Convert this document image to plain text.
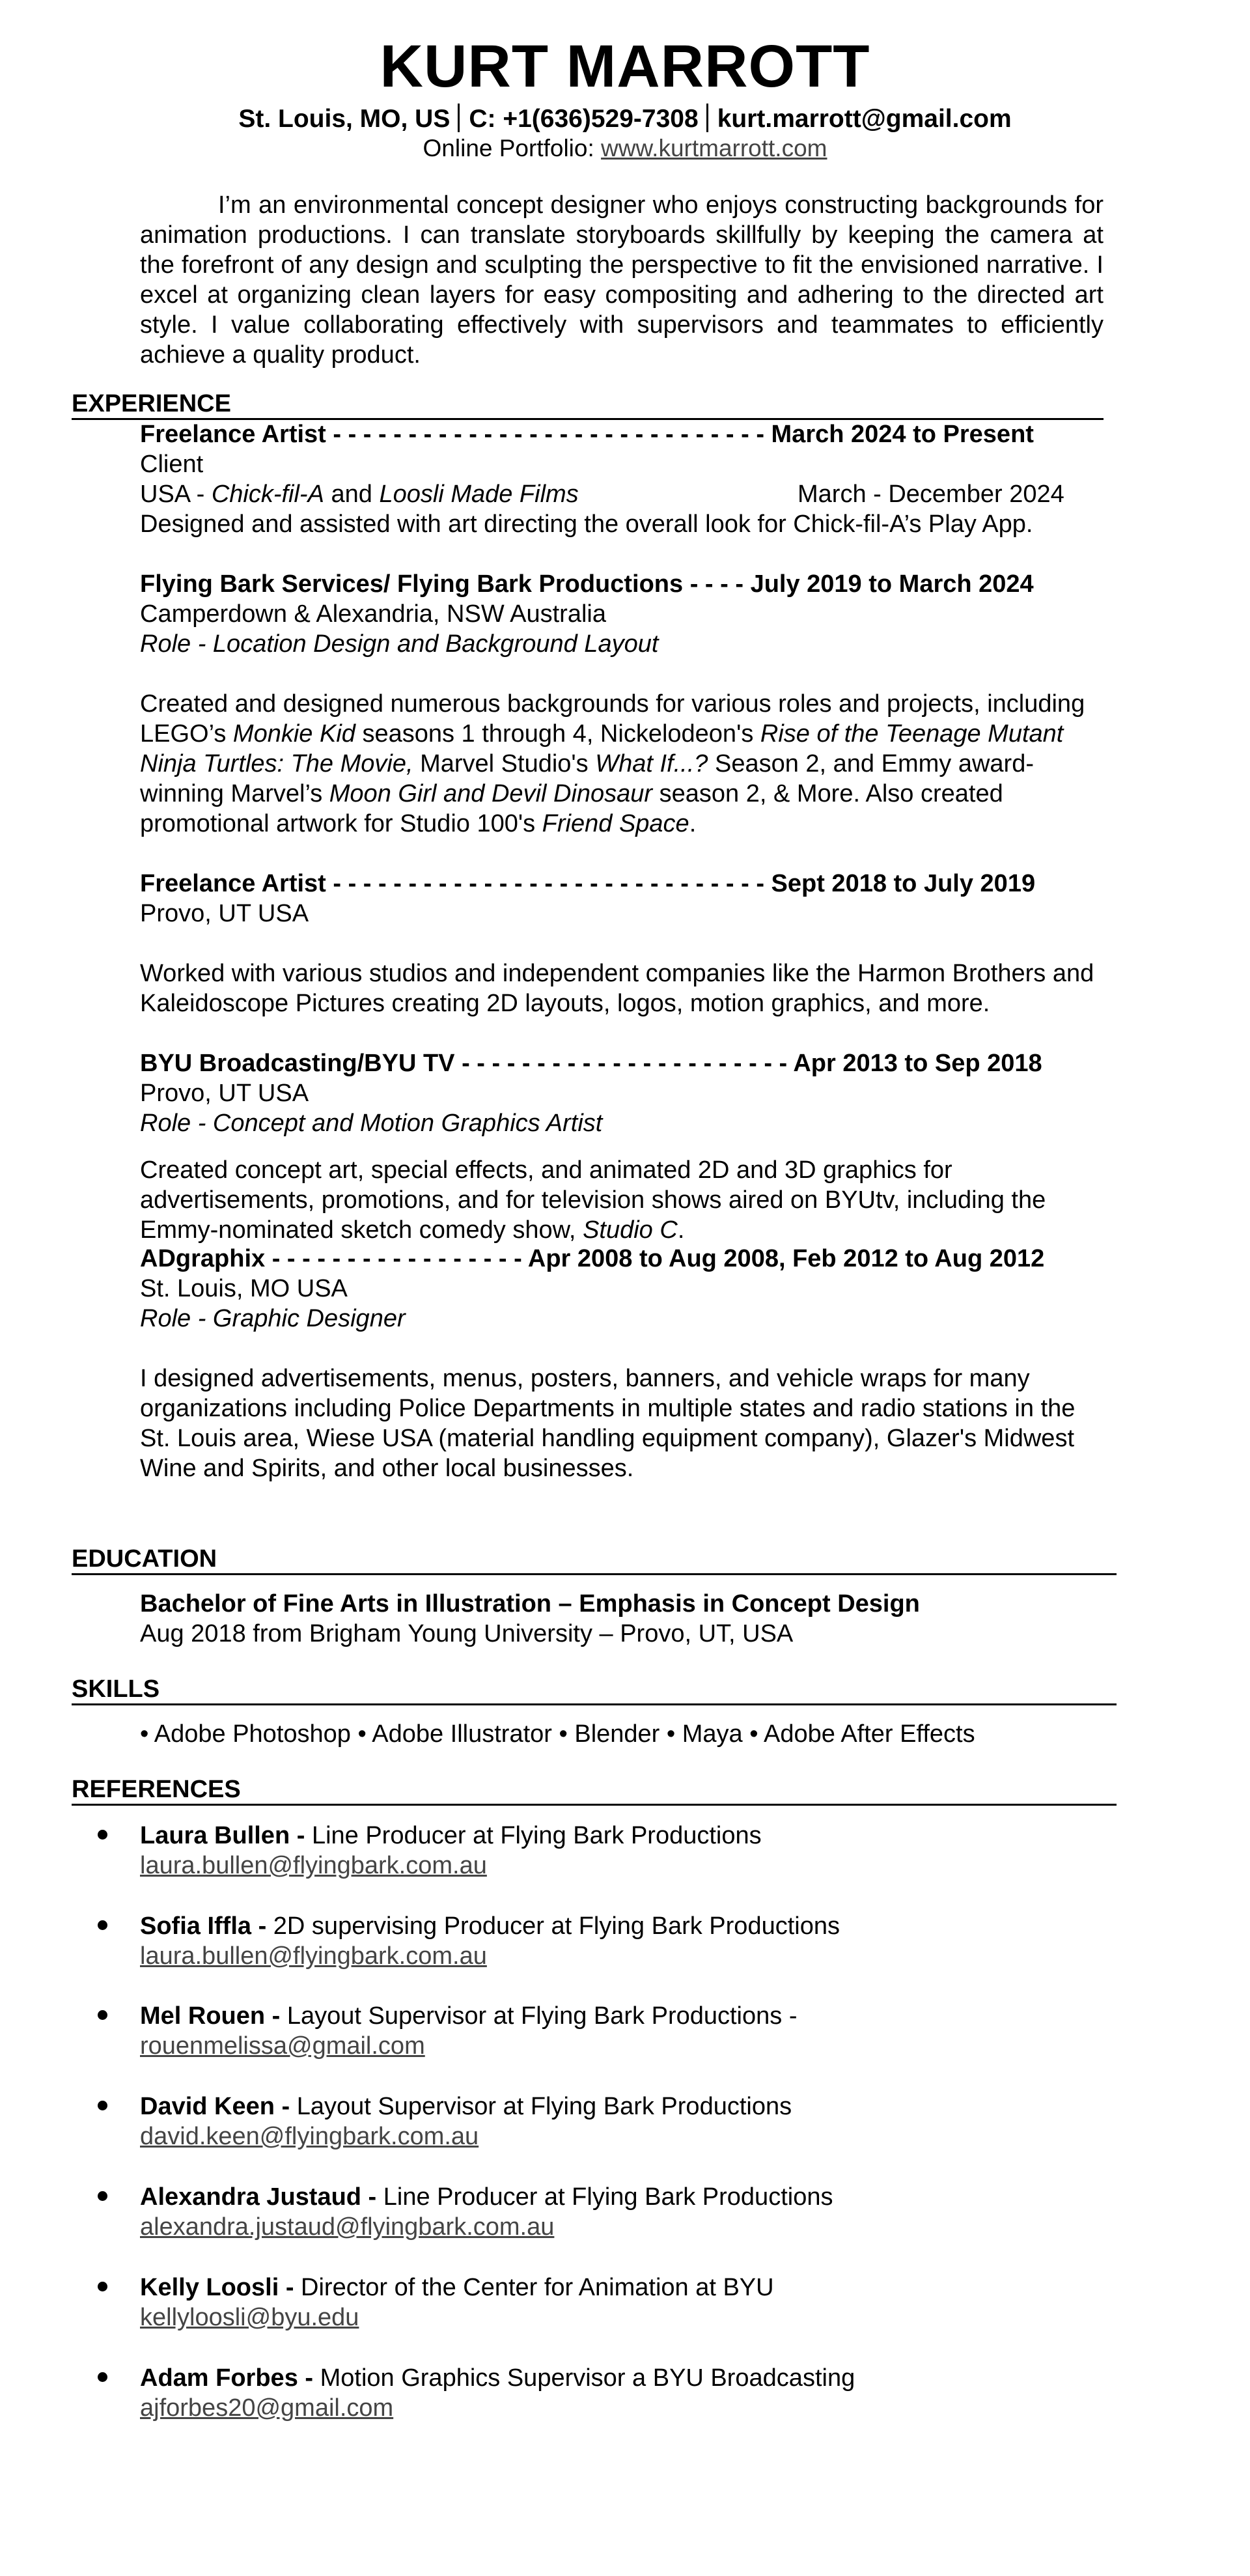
KURT MARROTT
St. Louis, MO, US C: +1(636)529-7308 kurt.marrott@gmail.com
Online Portfolio: www.kurtmarrott.com

I’m an environmental concept designer who enjoys constructing backgrounds for animation productions. I can translate storyboards skillfully by keeping the camera at the forefront of any design and sculpting the perspective to fit the envisioned narrative. I excel at organizing clean layers for easy compositing and adhering to the directed art style. I value collaborating effectively with supervisors and teammates to efficiently achieve a quality product.

EXPERIENCE
Freelance Artist - - - - - - - - - - - - - - - - - - - - - - - - - - - - - March 2024 to Present
Client
USA - Chick-fil-A and Loosli Made Films	March - December 2024
Designed and assisted with art directing the overall look for Chick-fil-A’s Play App.
Flying Bark Services/ Flying Bark Productions - - - - July 2019 to March 2024
Camperdown & Alexandria, NSW Australia
Role - Location Design and Background Layout

Created and designed numerous backgrounds for various roles and projects, including LEGO’s Monkie Kid seasons 1 through 4, Nickelodeon's Rise of the Teenage Mutant Ninja Turtles: The Movie, Marvel Studio's What If...? Season 2, and Emmy award-winning Marvel’s Moon Girl and Devil Dinosaur season 2, & More. Also created promotional artwork for Studio 100's Friend Space.

Freelance Artist - - - - - - - - - - - - - - - - - - - - - - - - - - - - - Sept 2018 to July 2019
Provo, UT USA

Worked with various studios and independent companies like the Harmon Brothers and Kaleidoscope Pictures creating 2D layouts, logos, motion graphics, and more.

BYU Broadcasting/BYU TV - - - - - - - - - - - - - - - - - - - - - - Apr 2013 to Sep 2018
Provo, UT USA
Role - Concept and Motion Graphics Artist

Created concept art, special effects, and animated 2D and 3D graphics for advertisements, promotions, and for television shows aired on BYUtv, including the Emmy-nominated sketch comedy show, Studio C.

ADgraphix - - - - - - - - - - - - - - - - - Apr 2008 to Aug 2008, Feb 2012 to Aug 2012
St. Louis, MO USA
Role - Graphic Designer

I designed advertisements, menus, posters, banners, and vehicle wraps for many organizations including Police Departments in multiple states and radio stations in the St. Louis area, Wiese USA (material handling equipment company), Glazer's Midwest Wine and Spirits, and other local businesses.

EDUCATION
Bachelor of Fine Arts in Illustration – Emphasis in Concept Design
Aug 2018 from Brigham Young University – Provo, UT, USA
SKILLS
• Adobe Photoshop • Adobe Illustrator • Blender • Maya • Adobe After Effects
REFERENCES
Laura Bullen - Line Producer at Flying Bark Productions
laura.bullen@flyingbark.com.au
Sofia Iffla - 2D supervising Producer at Flying Bark Productions
laura.bullen@flyingbark.com.au
Mel Rouen - Layout Supervisor at Flying Bark Productions -
rouenmelissa@gmail.com
David Keen - Layout Supervisor at Flying Bark Productions
david.keen@flyingbark.com.au
Alexandra Justaud - Line Producer at Flying Bark Productions
alexandra.justaud@flyingbark.com.au
Kelly Loosli - Director of the Center for Animation at BYU
kellyloosli@byu.edu
Adam Forbes - Motion Graphics Supervisor a BYU Broadcasting
ajforbes20@gmail.com
